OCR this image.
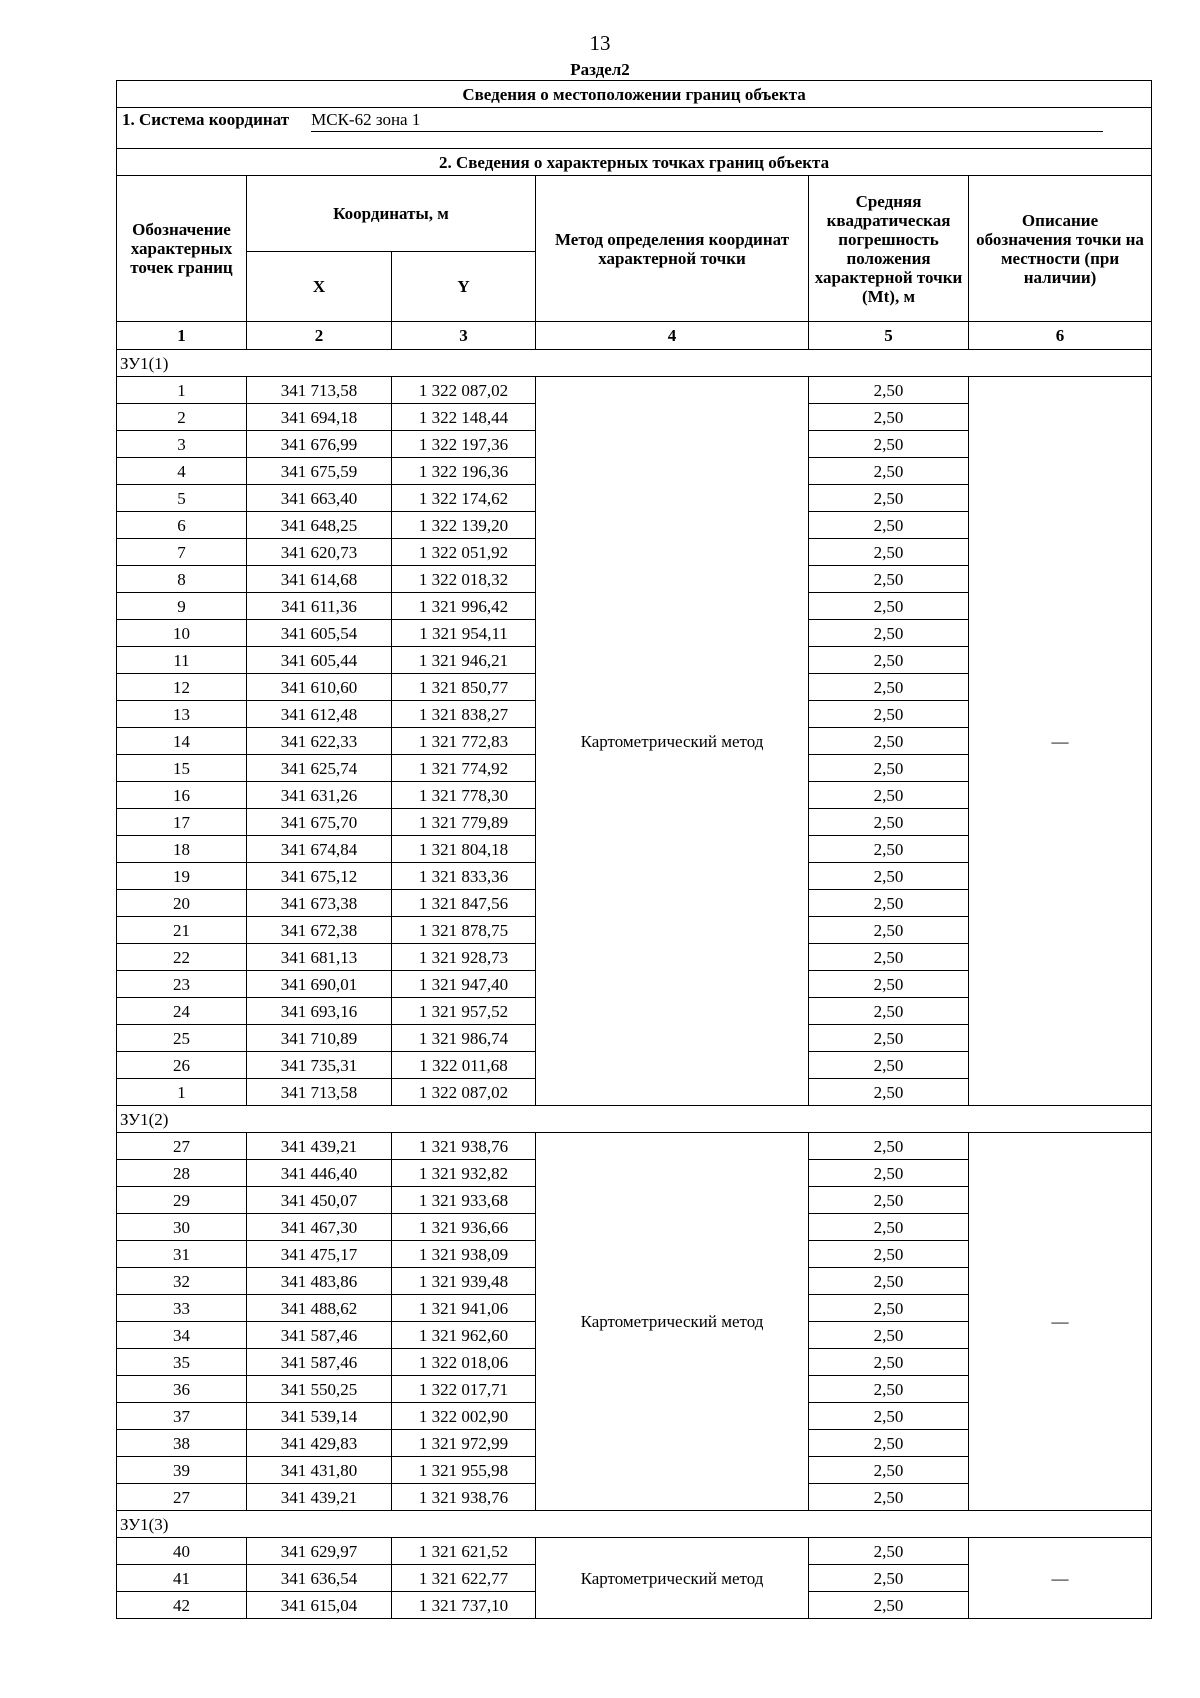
13
Раздел2
Сведения о местоположении границ объекта					
1. Система координат МСК-62 зона 1					
2. Сведения о характерных точках границ объекта					
Обозначение характерных точек границ	Координаты, м		Метод определения координат характерной точки	Средняя квадратическая погрешность положения характерной точки (Mt), м	Описание обозначения точки на местности (при наличии)
	X	Y			
1	2	3	4	5	6
ЗУ1(1)					
1	341 713,58	1 322 087,02	Картометрический метод	2,50	—
2	341 694,18	1 322 148,44		2,50	
3	341 676,99	1 322 197,36		2,50	
4	341 675,59	1 322 196,36		2,50	
5	341 663,40	1 322 174,62		2,50	
6	341 648,25	1 322 139,20		2,50	
7	341 620,73	1 322 051,92		2,50	
8	341 614,68	1 322 018,32		2,50	
9	341 611,36	1 321 996,42		2,50	
10	341 605,54	1 321 954,11		2,50	
11	341 605,44	1 321 946,21		2,50	
12	341 610,60	1 321 850,77		2,50	
13	341 612,48	1 321 838,27		2,50	
14	341 622,33	1 321 772,83		2,50	
15	341 625,74	1 321 774,92		2,50	
16	341 631,26	1 321 778,30		2,50	
17	341 675,70	1 321 779,89		2,50	
18	341 674,84	1 321 804,18		2,50	
19	341 675,12	1 321 833,36		2,50	
20	341 673,38	1 321 847,56		2,50	
21	341 672,38	1 321 878,75		2,50	
22	341 681,13	1 321 928,73		2,50	
23	341 690,01	1 321 947,40		2,50	
24	341 693,16	1 321 957,52		2,50	
25	341 710,89	1 321 986,74		2,50	
26	341 735,31	1 322 011,68		2,50	
1	341 713,58	1 322 087,02		2,50	
ЗУ1(2)					
27	341 439,21	1 321 938,76	Картометрический метод	2,50	—
28	341 446,40	1 321 932,82		2,50	
29	341 450,07	1 321 933,68		2,50	
30	341 467,30	1 321 936,66		2,50	
31	341 475,17	1 321 938,09		2,50	
32	341 483,86	1 321 939,48		2,50	
33	341 488,62	1 321 941,06		2,50	
34	341 587,46	1 321 962,60		2,50	
35	341 587,46	1 322 018,06		2,50	
36	341 550,25	1 322 017,71		2,50	
37	341 539,14	1 322 002,90		2,50	
38	341 429,83	1 321 972,99		2,50	
39	341 431,80	1 321 955,98		2,50	
27	341 439,21	1 321 938,76		2,50	
ЗУ1(3)					
40	341 629,97	1 321 621,52	Картометрический метод	2,50	—
41	341 636,54	1 321 622,77		2,50	
42	341 615,04	1 321 737,10		2,50	
